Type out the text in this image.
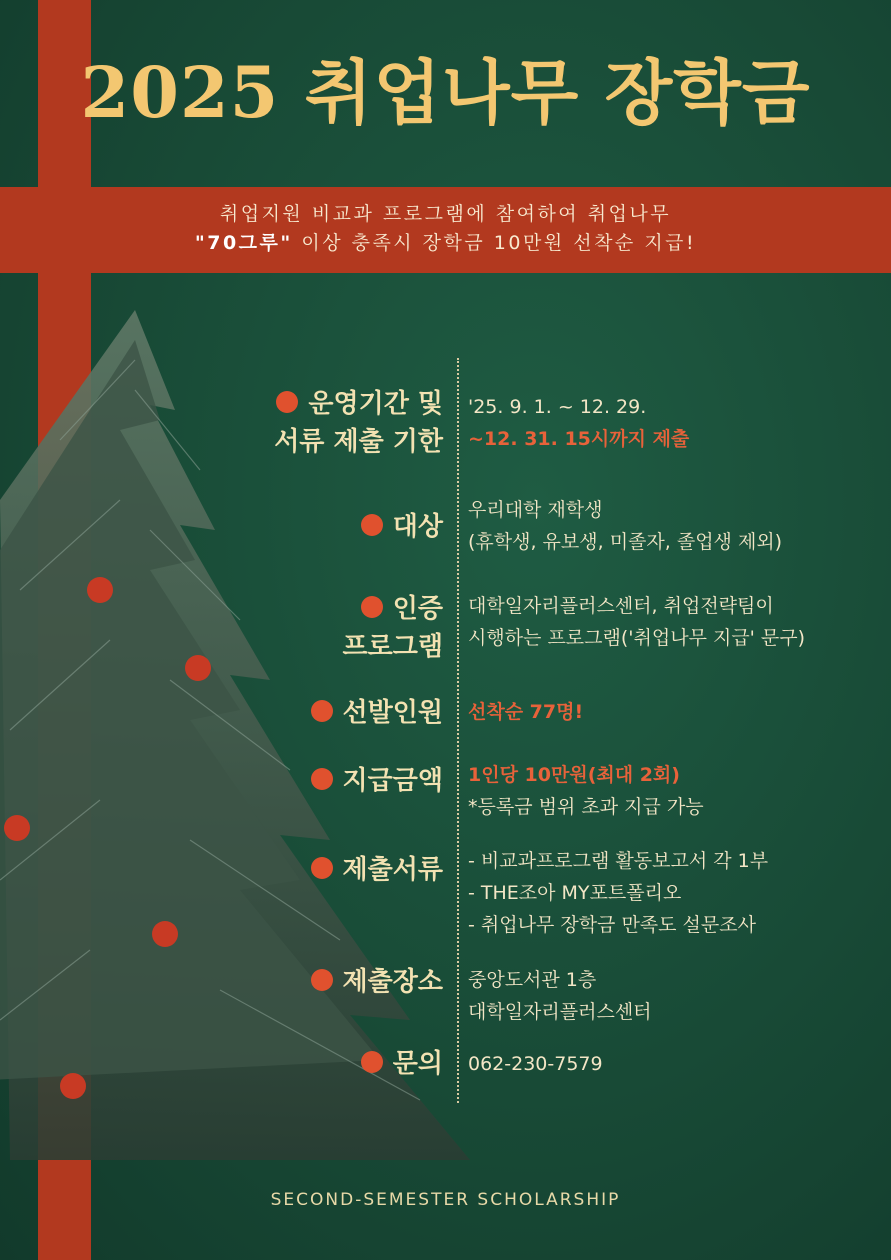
2025 취업나무 장학금
취업지원 비교과 프로그램에 참여하여 취업나무
"70그루" 이상 충족시 장학금 10만원 선착순 지급!
운영기간 및
서류 제출 기한
'25. 9. 1. ~ 12. 29.
~12. 31. 15시까지 제출
대상
우리대학 재학생
(휴학생, 유보생, 미졸자, 졸업생 제외)
인증
프로그램
대학일자리플러스센터, 취업전략팀이
시행하는 프로그램('취업나무 지급' 문구)
선발인원 선착순 77명!
지급금액 1인당 10만원(최대 2회)
*등록금 범위 초과 지급 가능
제출서류 - 비교과프로그램 활동보고서 각 1부
- THE조아 MY포트폴리오
- 취업나무 장학금 만족도 설문조사
제출장소 중앙도서관 1층
대학일자리플러스센터
문의 062-230-7579
SECOND-SEMESTER SCHOLARSHIP
